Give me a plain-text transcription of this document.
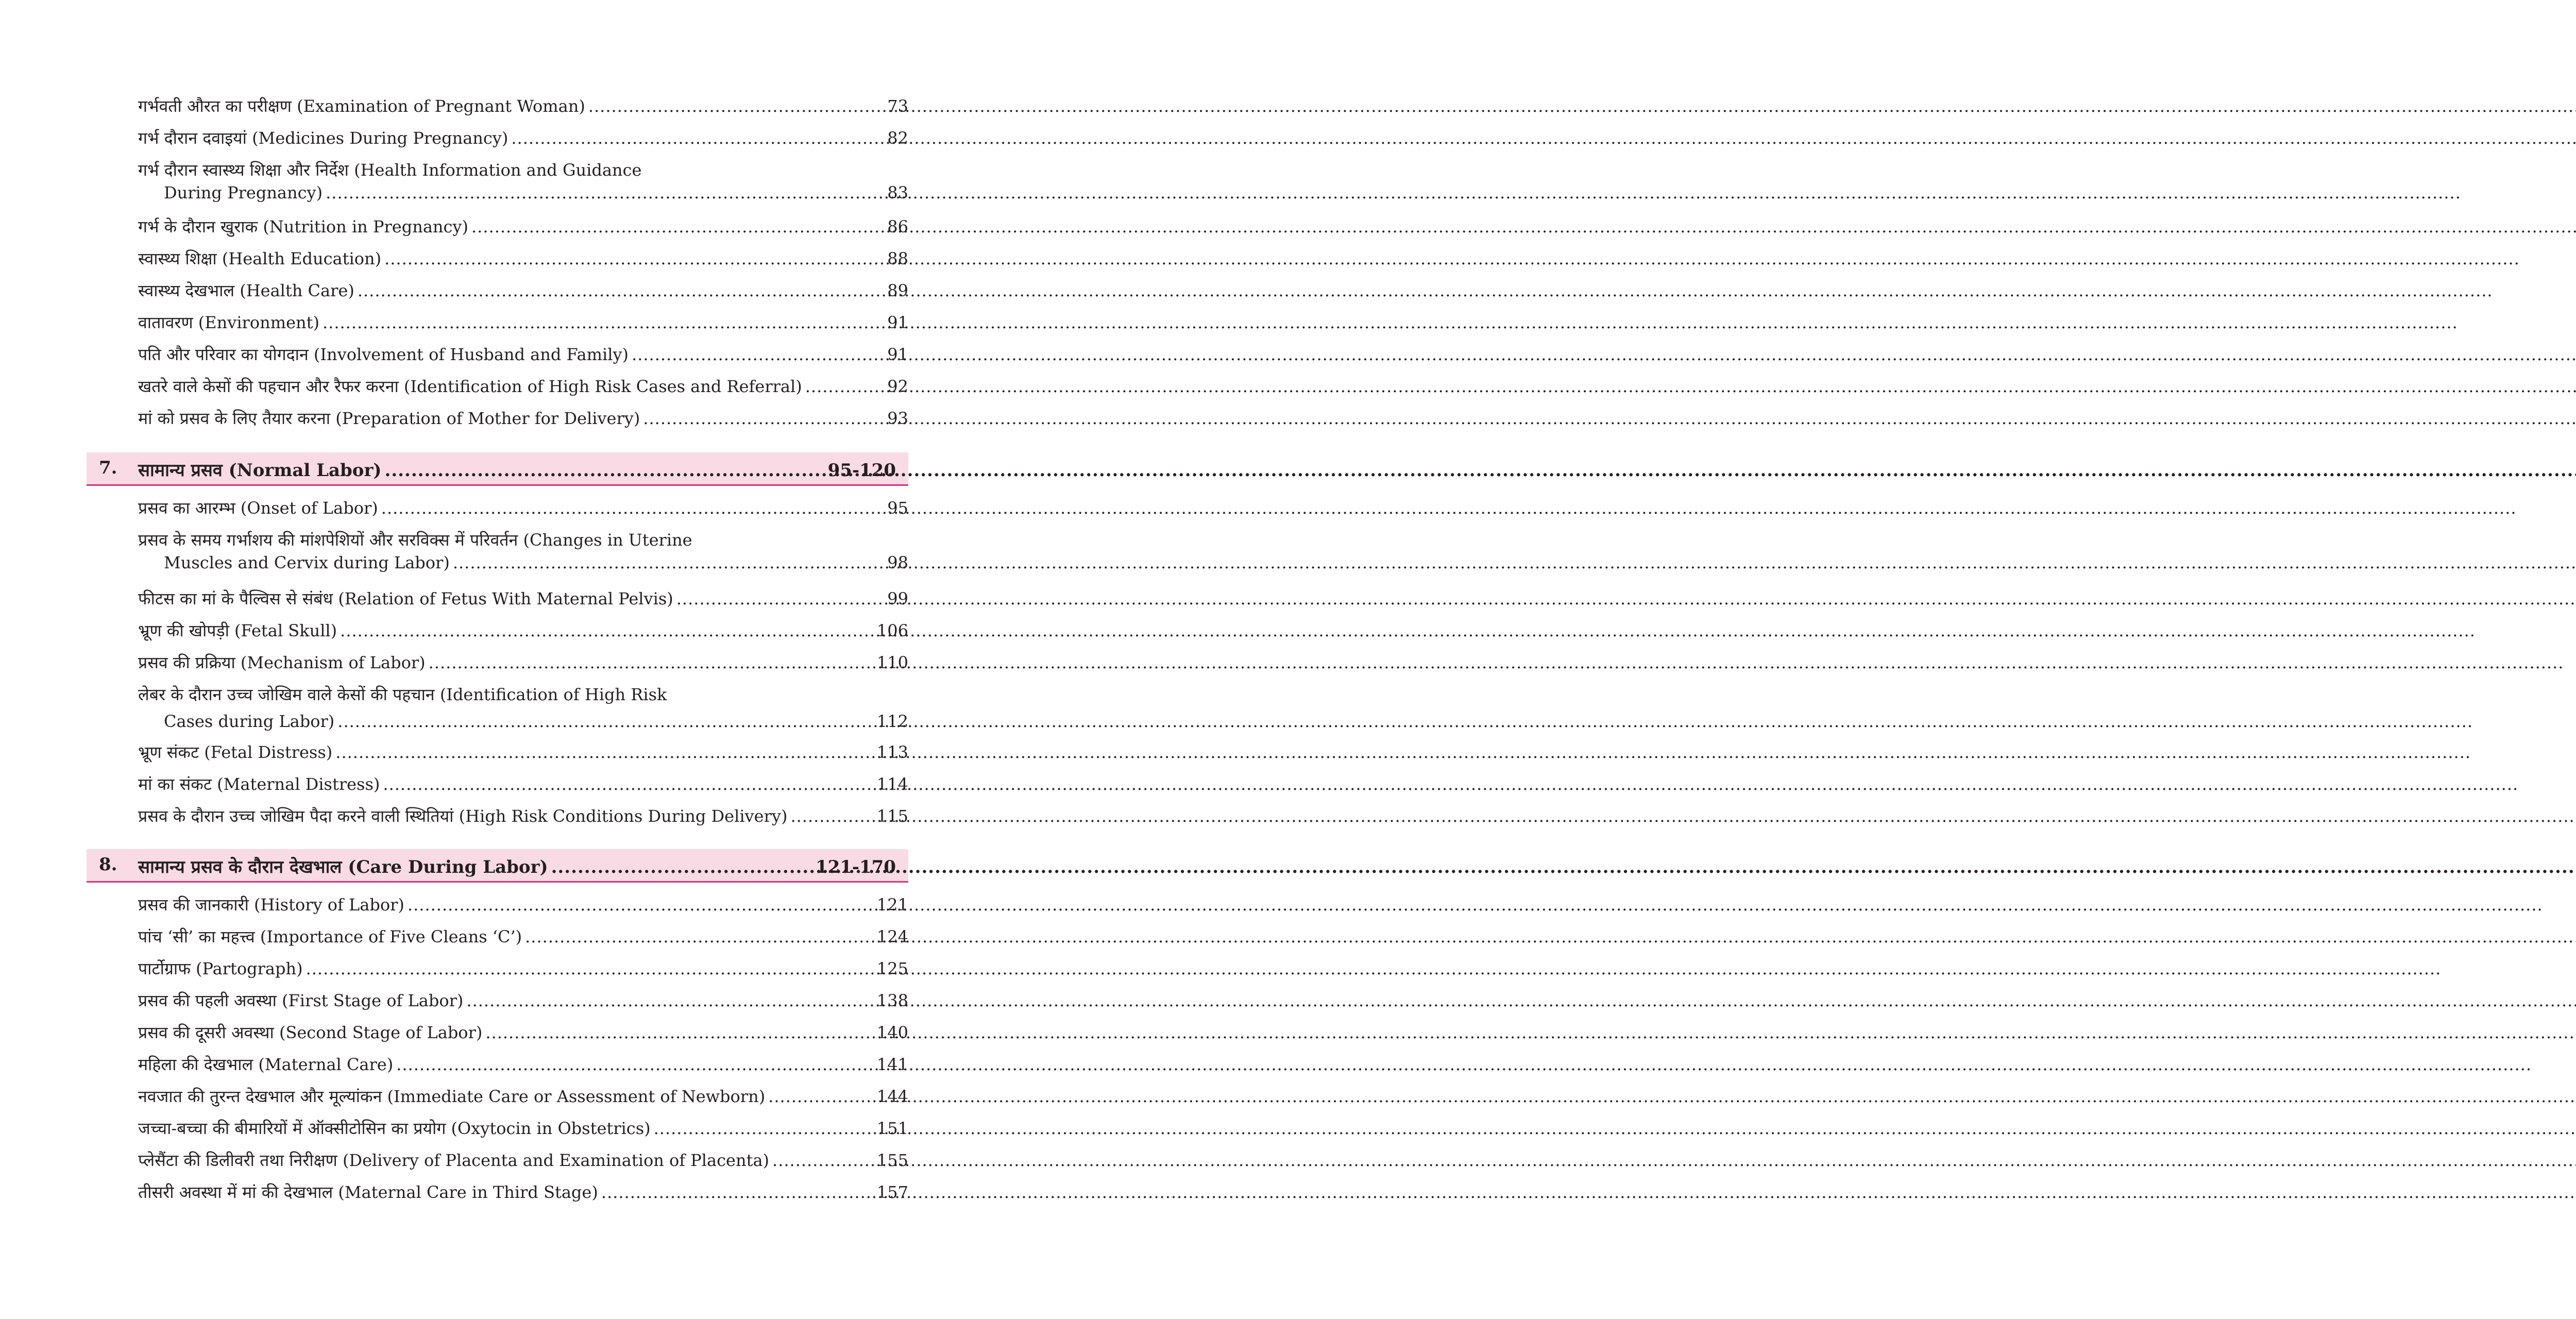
गर्भवती औरत का परीक्षण (Examination of Pregnant Woman) .....	73
गर्भ दौरान दवाइयां (Medicines During Pregnancy) .....	82
गर्भ दौरान स्वास्थ्य शिक्षा और निर्देश (Health Information and Guidance
During Pregnancy) .....	83
गर्भ के दौरान खुराक (Nutrition in Pregnancy) .....	86
स्वास्थ्य शिक्षा (Health Education) .....	88
स्वास्थ्य देखभाल (Health Care) .....	89
वातावरण (Environment) .....	91
पति और परिवार का योगदान (Involvement of Husband and Family) .....	91
खतरे वाले केसों की पहचान और रैफर करना (Identification of High Risk Cases and Referral) .....	92
मां को प्रसव के लिए तैयार करना (Preparation of Mother for Delivery) .....	93
7. सामान्य प्रसव (Normal Labor) .....	95-120
प्रसव का आरम्भ (Onset of Labor) .....	95
प्रसव के समय गर्भाशय की मांशपेशियों और सरविक्स में परिवर्तन (Changes in Uterine
Muscles and Cervix during Labor) .....	98
फीटस का मां के पैल्विस से संबंध (Relation of Fetus With Maternal Pelvis) .....	99
भ्रूण की खोपड़ी (Fetal Skull) .....	106
प्रसव की प्रक्रिया (Mechanism of Labor) .....	110
लेबर के दौरान उच्च जोखिम वाले केसों की पहचान (Identification of High Risk
Cases during Labor) .....	112
भ्रूण संकट (Fetal Distress) .....	113
मां का संकट (Maternal Distress) .....	114
प्रसव के दौरान उच्च जोखिम पैदा करने वाली स्थितियां (High Risk Conditions During Delivery) .....	115
8. सामान्य प्रसव के दौरान देखभाल (Care During Labor) .....	121-170
प्रसव की जानकारी (History of Labor) .....	121
पांच ‘सी’ का महत्त्व (Importance of Five Cleans ‘C’) .....	124
पार्टोग्राफ (Partograph) .....	125
प्रसव की पहली अवस्था (First Stage of Labor) .....	138
प्रसव की दूसरी अवस्था (Second Stage of Labor) .....	140
महिला की देखभाल (Maternal Care) .....	141
नवजात की तुरन्त देखभाल और मूल्यांकन (Immediate Care or Assessment of Newborn) .....	144
जच्चा-बच्चा की बीमारियों में ऑक्सीटोसिन का प्रयोग (Oxytocin in Obstetrics) .....	151
प्लेसैंटा की डिलीवरी तथा निरीक्षण (Delivery of Placenta and Examination of Placenta) .....	155
तीसरी अवस्था में मां की देखभाल (Maternal Care in Third Stage) .....	157
